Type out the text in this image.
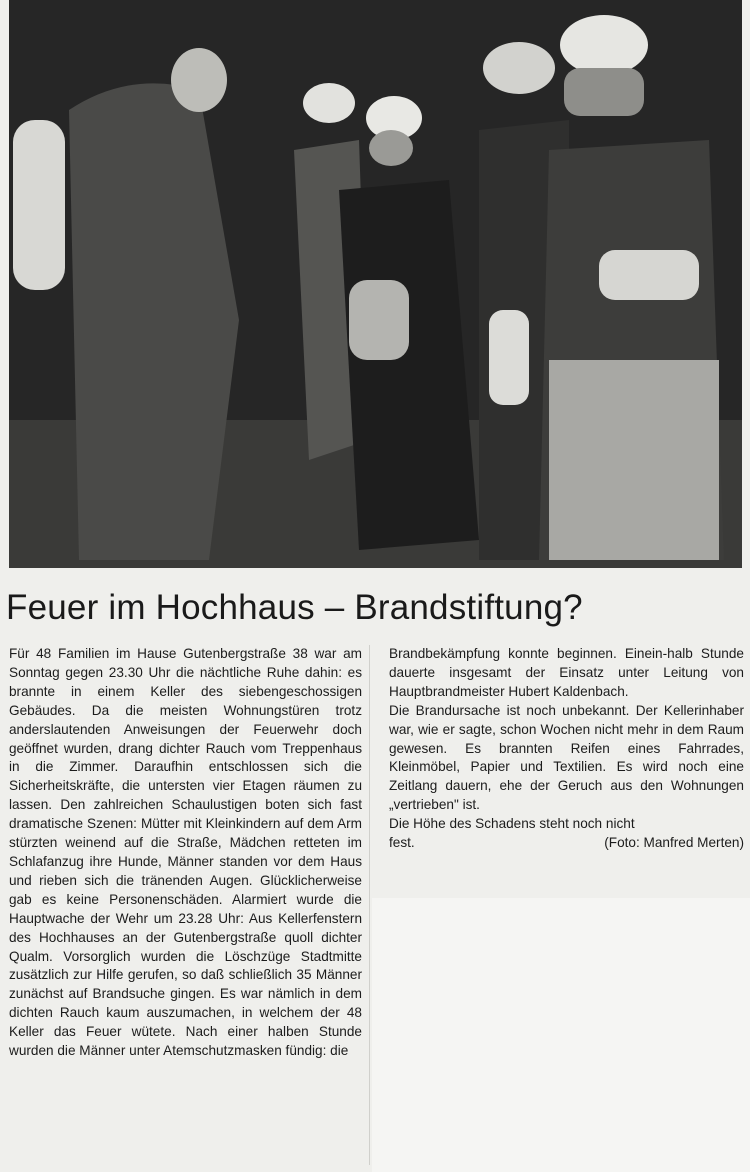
Feuer im Hochhaus – Brandstiftung?

Für 48 Familien im Hause Gutenbergstraße 38 war am Sonntag gegen 23.30 Uhr die nächtliche Ruhe dahin: es brannte in einem Keller des siebengeschossigen Gebäudes. Da die meisten Wohnungstüren trotz anderslautenden Anweisungen der Feuerwehr doch geöffnet wurden, drang dichter Rauch vom Treppenhaus in die Zimmer. Daraufhin entschlossen sich die Sicherheitskräfte, die untersten vier Etagen räumen zu lassen. Den zahlreichen Schaulustigen boten sich fast dramatische Szenen: Mütter mit Kleinkindern auf dem Arm stürzten weinend auf die Straße, Mädchen retteten im Schlafanzug ihre Hunde, Männer standen vor dem Haus und rieben sich die tränenden Augen. Glücklicherweise gab es keine Personenschäden. Alarmiert wurde die Hauptwache der Wehr um 23.28 Uhr: Aus Kellerfenstern des Hochhauses an der Gutenbergstraße quoll dichter Qualm. Vorsorglich wurden die Löschzüge Stadtmitte zusätzlich zur Hilfe gerufen, so daß schließlich 35 Männer zunächst auf Brandsuche gingen. Es war nämlich in dem dichten Rauch kaum auszumachen, in welchem der 48 Keller das Feuer wütete. Nach einer halben Stunde wurden die Männer unter Atemschutzmasken fündig: die

Brandbekämpfung konnte beginnen. Einein-halb Stunde dauerte insgesamt der Einsatz unter Leitung von Hauptbrandmeister Hubert Kaldenbach.

Die Brandursache ist noch unbekannt. Der Kellerinhaber war, wie er sagte, schon Wochen nicht mehr in dem Raum gewesen. Es brannten Reifen eines Fahrrades, Kleinmöbel, Papier und Textilien. Es wird noch eine Zeitlang dauern, ehe der Geruch aus den Wohnungen „vertrieben" ist.

Die Höhe des Schadens steht noch nicht

fest.	(Foto: Manfred Merten)
